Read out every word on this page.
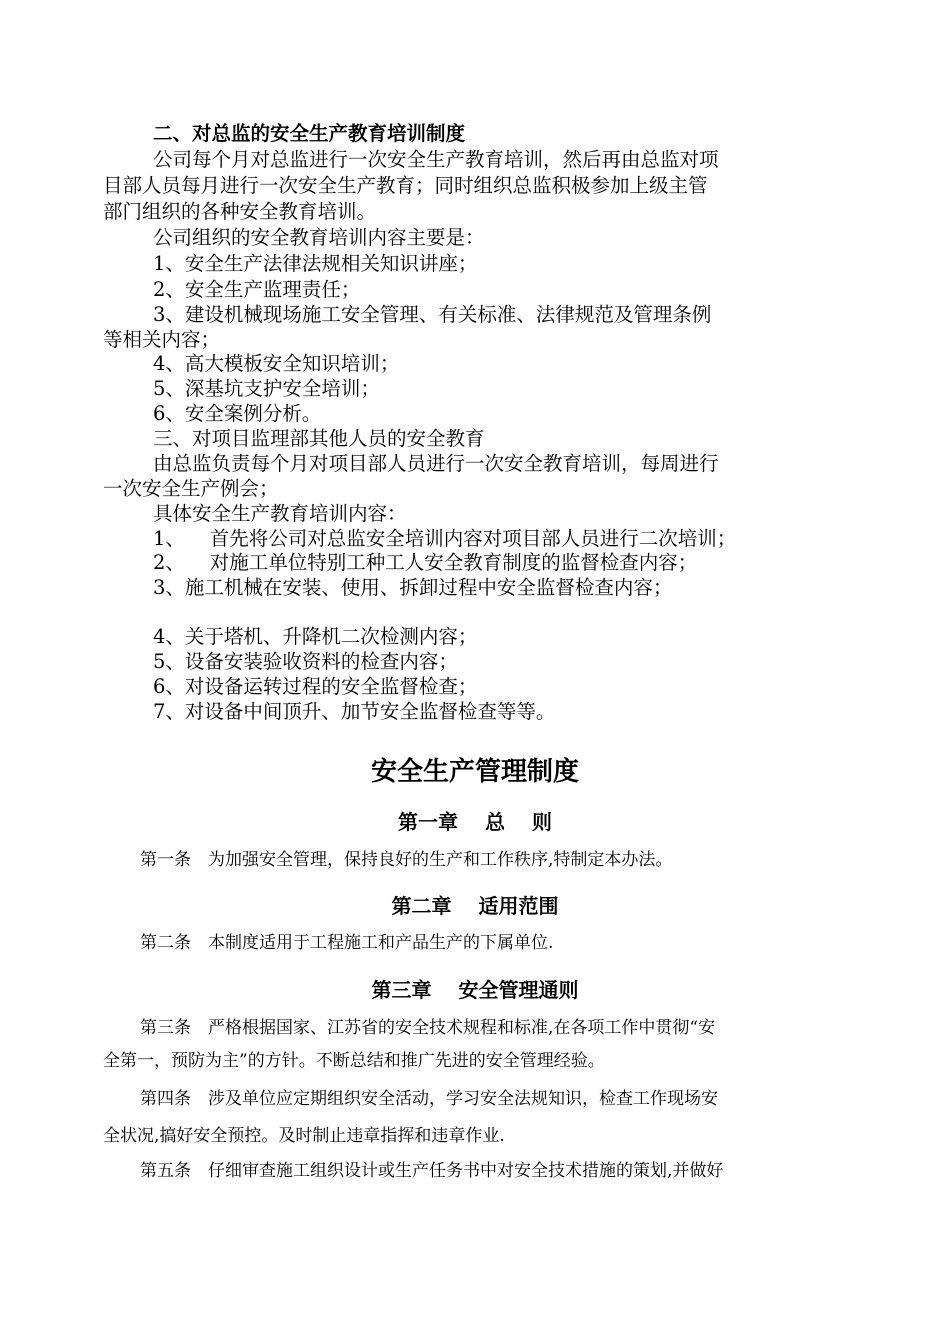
二、对总监的安全生产教育培训制度
公司每个月对总监进行一次安全生产教育培训，然后再由总监对项
目部人员每月进行一次安全生产教育；同时组织总监积极参加上级主管
部门组织的各种安全教育培训。
公司组织的安全教育培训内容主要是：
1、安全生产法律法规相关知识讲座；
2、安全生产监理责任；
3、建设机械现场施工安全管理、有关标准、法律规范及管理条例
等相关内容；
4、高大模板安全知识培训；
5、深基坑支护安全培训；
6、安全案例分析。
三、对项目监理部其他人员的安全教育
由总监负责每个月对项目部人员进行一次安全教育培训，每周进行
一次安全生产例会；
具体安全生产教育培训内容：
1、    首先将公司对总监安全培训内容对项目部人员进行二次培训；
2、    对施工单位特别工种工人安全教育制度的监督检查内容；
3、施工机械在安装、使用、拆卸过程中安全监督检查内容；
4、关于塔机、升降机二次检测内容；
5、设备安装验收资料的检查内容；
6、对设备运转过程的安全监督检查；
7、对设备中间顶升、加节安全监督检查等等。
安全生产管理制度
第一章　 总　 则
第一条　为加强安全管理，保持良好的生产和工作秩序,特制定本办法。
第二章　 适用范围
第二条　本制度适用于工程施工和产品生产的下属单位.
第三章　 安全管理通则
第三条　严格根据国家、江苏省的安全技术规程和标准,在各项工作中贯彻“安
全第一，预防为主”的方针。不断总结和推广先进的安全管理经验。
第四条　涉及单位应定期组织安全活动，学习安全法规知识，检查工作现场安
全状况,搞好安全预控。及时制止违章指挥和违章作业.
第五条　仔细审查施工组织设计或生产任务书中对安全技术措施的策划,并做好
